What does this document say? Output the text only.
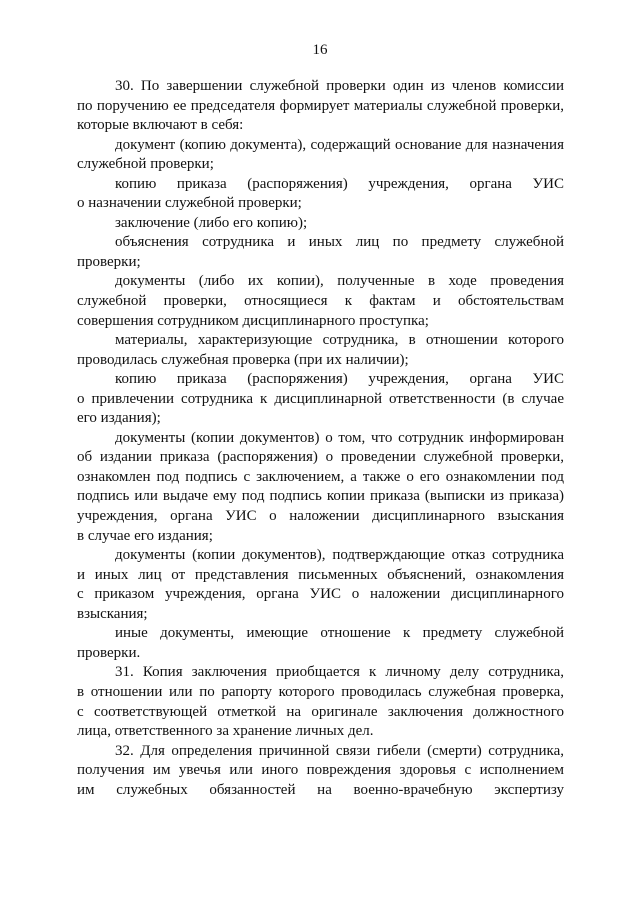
16
30. По завершении служебной проверки один из членов комиссии
по поручению ее председателя формирует материалы служебной проверки,
которые включают в себя:
документ (копию документа), содержащий основание для назначения
служебной проверки;
копию приказа (распоряжения) учреждения, органа УИС
о назначении служебной проверки;
заключение (либо его копию);
объяснения сотрудника и иных лиц по предмету служебной
проверки;
документы (либо их копии), полученные в ходе проведения
служебной проверки, относящиеся к фактам и обстоятельствам
совершения сотрудником дисциплинарного проступка;
материалы, характеризующие сотрудника, в отношении которого
проводилась служебная проверка (при их наличии);
копию приказа (распоряжения) учреждения, органа УИС
о привлечении сотрудника к дисциплинарной ответственности (в случае
его издания);
документы (копии документов) о том, что сотрудник информирован
об издании приказа (распоряжения) о проведении служебной проверки,
ознакомлен под подпись с заключением, а также о его ознакомлении под
подпись или выдаче ему под подпись копии приказа (выписки из приказа)
учреждения, органа УИС о наложении дисциплинарного взыскания
в случае его издания;
документы (копии документов), подтверждающие отказ сотрудника
и иных лиц от представления письменных объяснений, ознакомления
с приказом учреждения, органа УИС о наложении дисциплинарного
взыскания;
иные документы, имеющие отношение к предмету служебной
проверки.
31. Копия заключения приобщается к личному делу сотрудника,
в отношении или по рапорту которого проводилась служебная проверка,
с соответствующей отметкой на оригинале заключения должностного
лица, ответственного за хранение личных дел.
32. Для определения причинной связи гибели (смерти) сотрудника,
получения им увечья или иного повреждения здоровья с исполнением
им служебных обязанностей на военно-врачебную экспертизу
